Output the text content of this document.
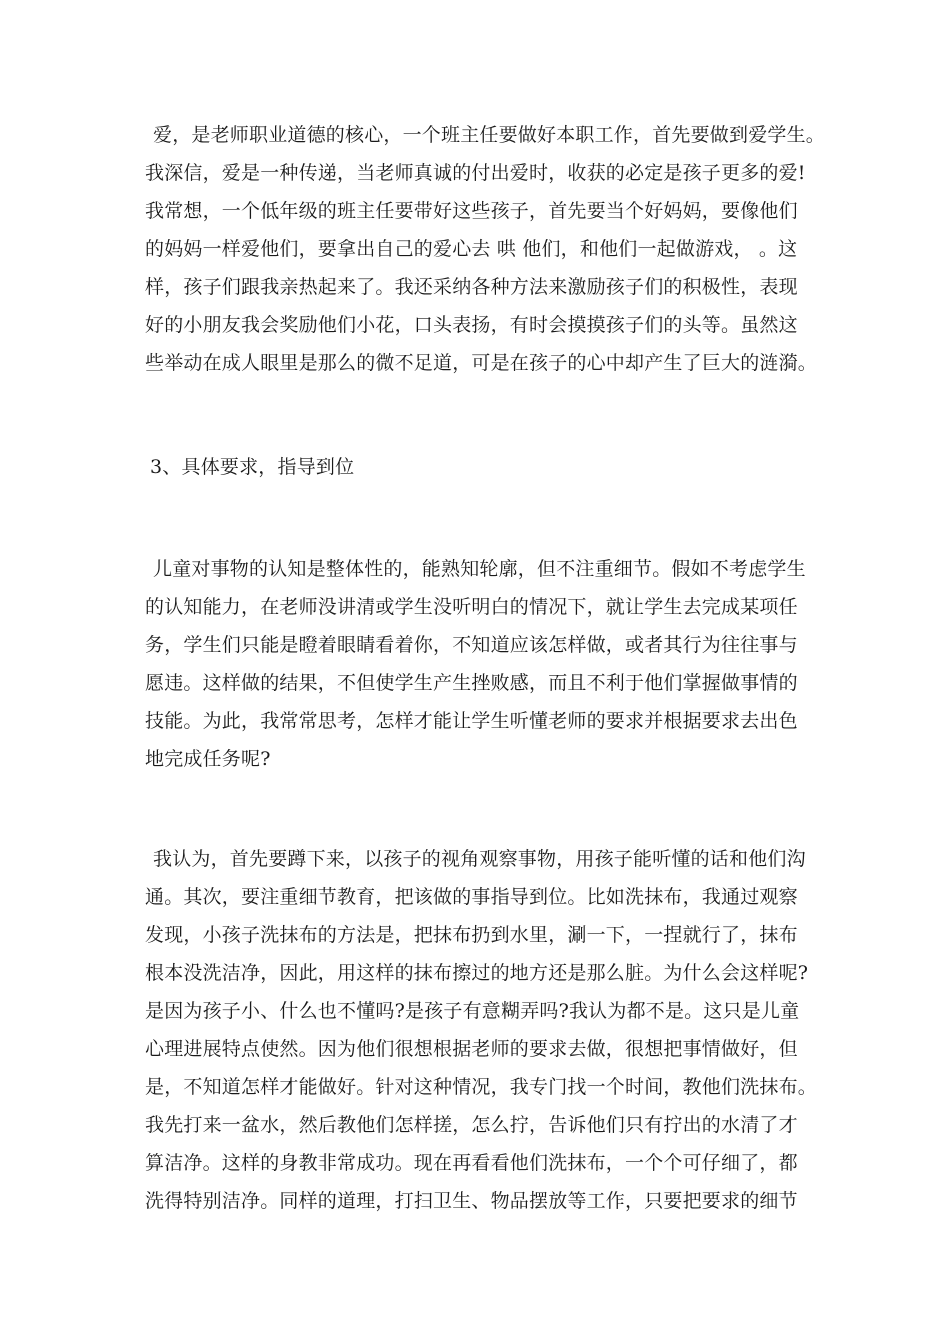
爱，是老师职业道德的核心，一个班主任要做好本职工作，首先要做到爱学生。
我深信，爱是一种传递，当老师真诚的付出爱时，收获的必定是孩子更多的爱!
我常想，一个低年级的班主任要带好这些孩子，首先要当个好妈妈，要像他们
的妈妈一样爱他们，要拿出自己的爱心去 哄 他们，和他们一起做游戏， 。这
样，孩子们跟我亲热起来了。我还采纳各种方法来激励孩子们的积极性，表现
好的小朋友我会奖励他们小花，口头表扬，有时会摸摸孩子们的头等。虽然这
些举动在成人眼里是那么的微不足道，可是在孩子的心中却产生了巨大的涟漪。
3、具体要求，指导到位
儿童对事物的认知是整体性的，能熟知轮廓，但不注重细节。假如不考虑学生
的认知能力，在老师没讲清或学生没听明白的情况下，就让学生去完成某项任
务，学生们只能是瞪着眼睛看着你，不知道应该怎样做，或者其行为往往事与
愿违。这样做的结果，不但使学生产生挫败感，而且不利于他们掌握做事情的
技能。为此，我常常思考，怎样才能让学生听懂老师的要求并根据要求去出色
地完成任务呢?
我认为，首先要蹲下来，以孩子的视角观察事物，用孩子能听懂的话和他们沟
通。其次，要注重细节教育，把该做的事指导到位。比如洗抹布，我通过观察
发现，小孩子洗抹布的方法是，把抹布扔到水里，涮一下，一捏就行了，抹布
根本没洗洁净，因此，用这样的抹布擦过的地方还是那么脏。为什么会这样呢?
是因为孩子小、什么也不懂吗?是孩子有意糊弄吗?我认为都不是。这只是儿童
心理进展特点使然。因为他们很想根据老师的要求去做，很想把事情做好，但
是，不知道怎样才能做好。针对这种情况，我专门找一个时间，教他们洗抹布。
我先打来一盆水，然后教他们怎样搓，怎么拧，告诉他们只有拧出的水清了才
算洁净。这样的身教非常成功。现在再看看他们洗抹布，一个个可仔细了，都
洗得特别洁净。同样的道理，打扫卫生、物品摆放等工作，只要把要求的细节
